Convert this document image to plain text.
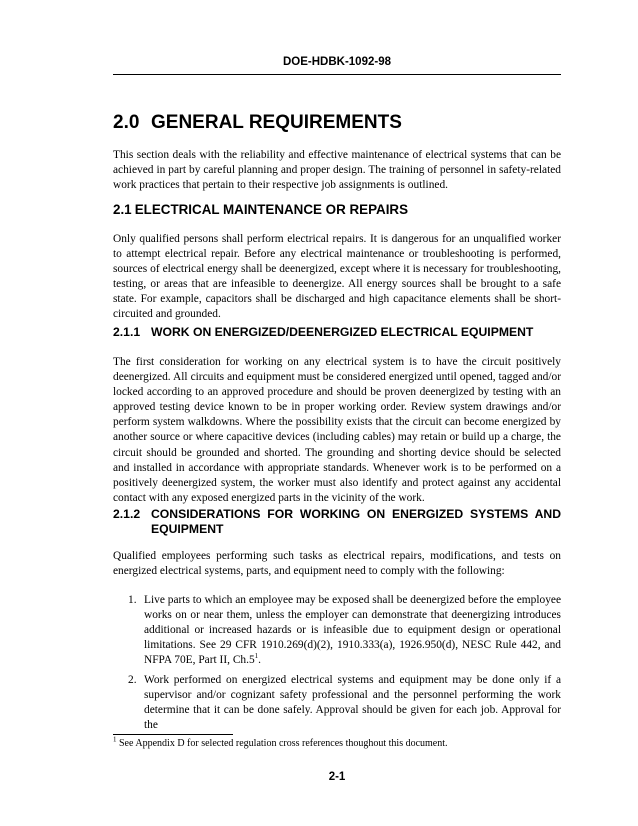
DOE-HDBK-1092-98
2.0 GENERAL REQUIREMENTS

This section deals with the reliability and effective maintenance of electrical systems that can be achieved in part by careful planning and proper design. The training of personnel in safety-related work practices that pertain to their respective job assignments is outlined.

2.1 ELECTRICAL MAINTENANCE OR REPAIRS

Only qualified persons shall perform electrical repairs. It is dangerous for an unqualified worker to attempt electrical repair. Before any electrical maintenance or troubleshooting is performed, sources of electrical energy shall be deenergized, except where it is necessary for troubleshooting, testing, or areas that are infeasible to deenergize. All energy sources shall be brought to a safe state. For example, capacitors shall be discharged and high capacitance elements shall be short-circuited and grounded.

2.1.1 WORK ON ENERGIZED/DEENERGIZED ELECTRICAL EQUIPMENT

The first consideration for working on any electrical system is to have the circuit positively deenergized. All circuits and equipment must be considered energized until opened, tagged and/or locked according to an approved procedure and should be proven deenergized by testing with an approved testing device known to be in proper working order. Review system drawings and/or perform system walkdowns. Where the possibility exists that the circuit can become energized by another source or where capacitive devices (including cables) may retain or build up a charge, the circuit should be grounded and shorted. The grounding and shorting device should be selected and installed in accordance with appropriate standards. Whenever work is to be performed on a positively deenergized system, the worker must also identify and protect against any accidental contact with any exposed energized parts in the vicinity of the work.

2.1.2 CONSIDERATIONS FOR WORKING ON ENERGIZED SYSTEMS AND EQUIPMENT

Qualified employees performing such tasks as electrical repairs, modifications, and tests on energized electrical systems, parts, and equipment need to comply with the following:

1. Live parts to which an employee may be exposed shall be deenergized before the employee works on or near them, unless the employer can demonstrate that deenergizing introduces additional or increased hazards or is infeasible due to equipment design or operational limitations. See 29 CFR 1910.269(d)(2), 1910.333(a), 1926.950(d), NESC Rule 442, and NFPA 70E, Part II, $Ch.5^1$.
2. Work performed on energized electrical systems and equipment may be done only if a supervisor and/or cognizant safety professional and the personnel performing the work determine that it can be done safely. Approval should be given for each job. Approval for the

$^1$ See Appendix D for selected regulation cross references thoughout this document.

2-1
